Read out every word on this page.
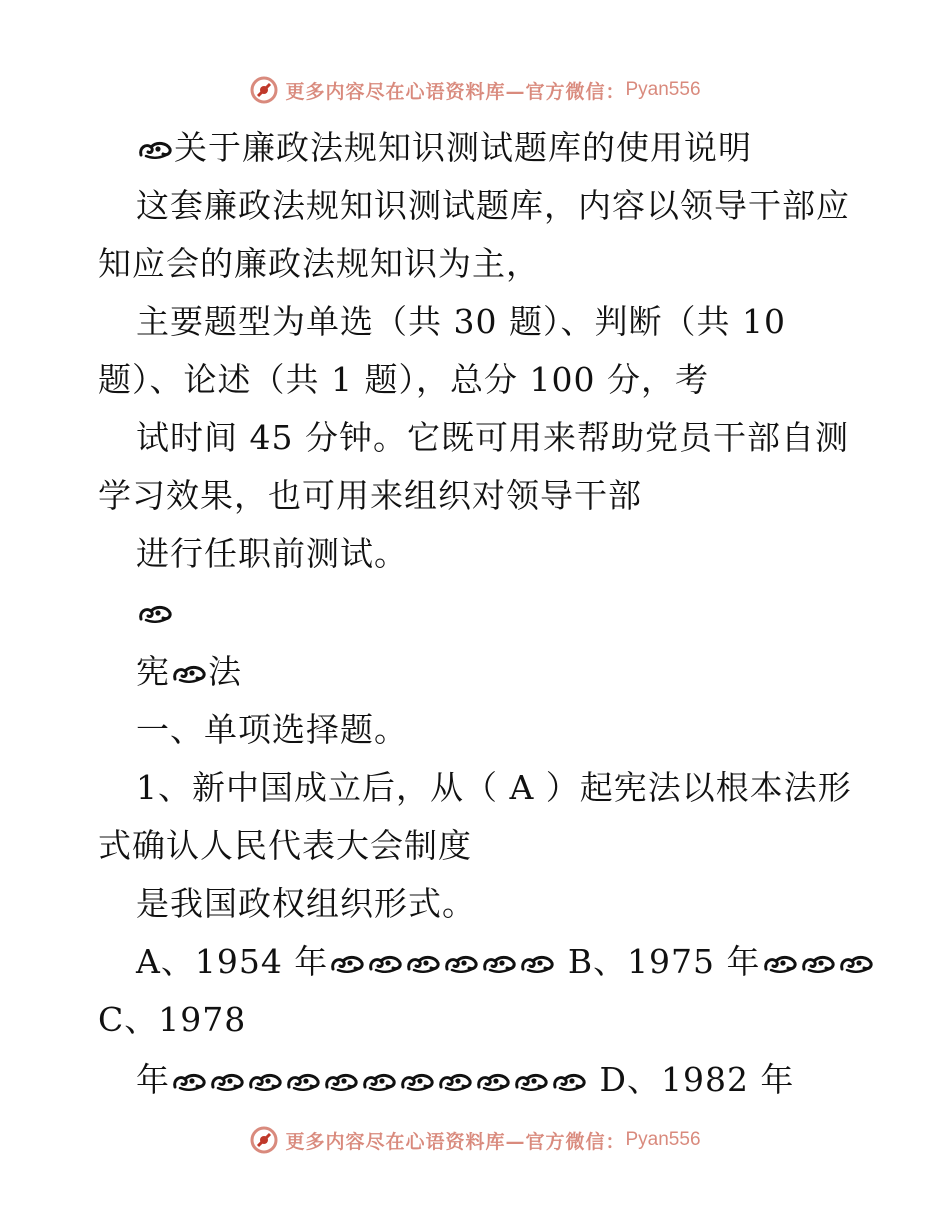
更多内容尽在心语资料库—官方微信： Pyan556
关于廉政法规知识测试题库的使用说明
这套廉政法规知识测试题库，内容以领导干部应
知应会的廉政法规知识为主，
主要题型为单选（共 30 题）、判断（共 10
题）、论述（共 1 题），总分 100 分，考
试时间 45 分钟。它既可用来帮助党员干部自测
学习效果，也可用来组织对领导干部
进行任职前测试。
宪 法
一、单项选择题。
1、新中国成立后，从（ A ）起宪法以根本法形
式确认人民代表大会制度
是我国政权组织形式。
A、1954 年	B、1975 年
C、1978
年	D、1982 年
更多内容尽在心语资料库—官方微信： Pyan556
